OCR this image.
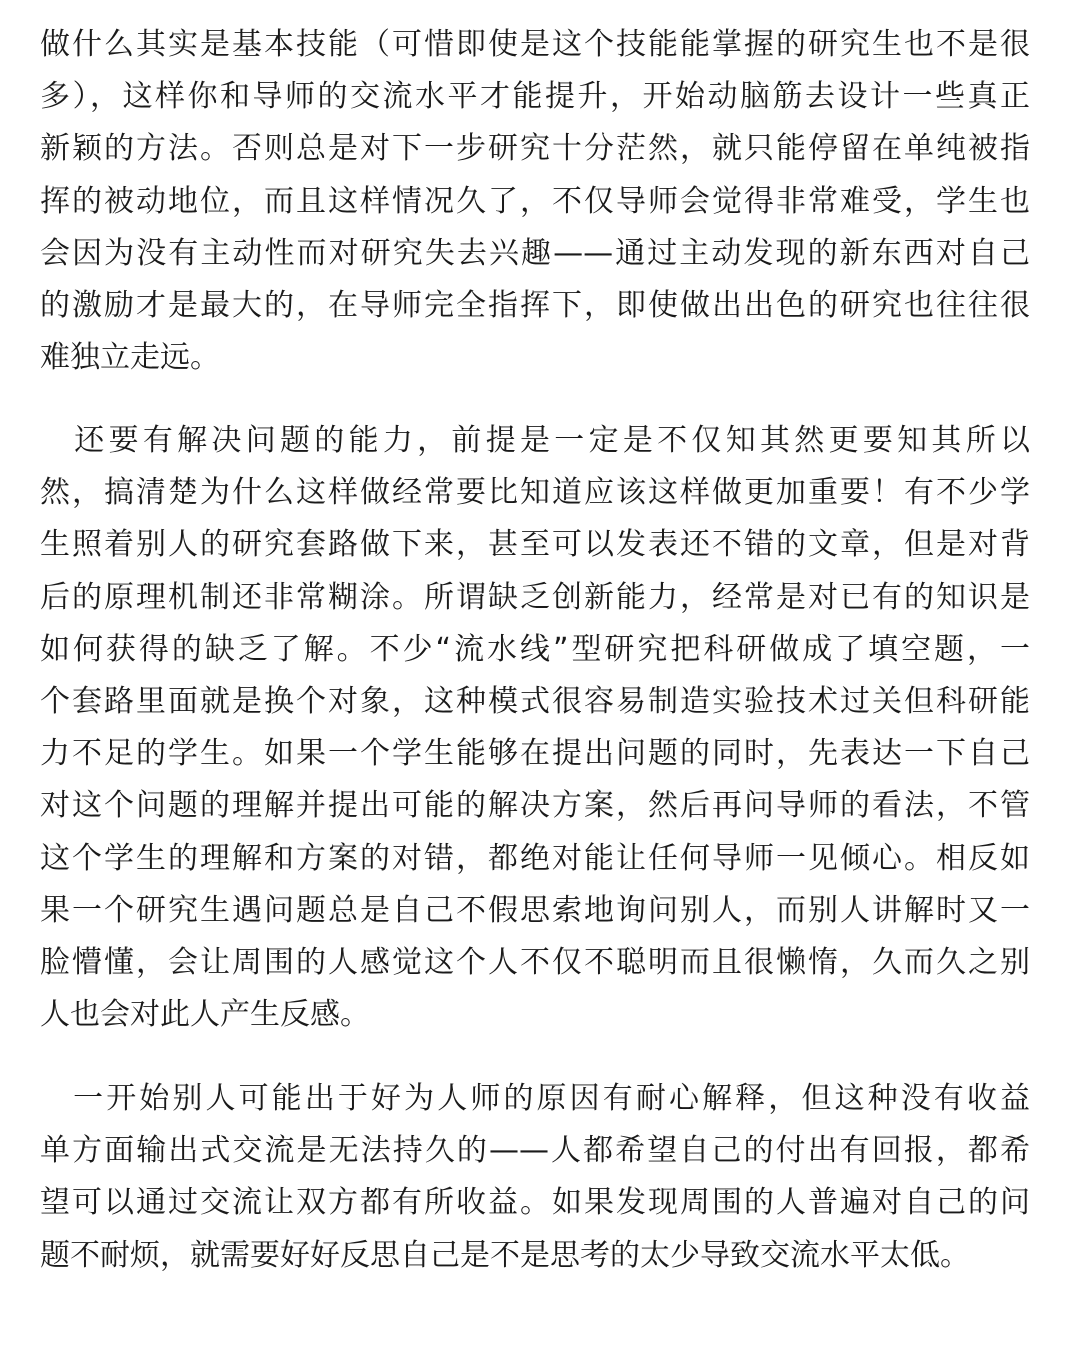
做什么其实是基本技能（可惜即使是这个技能能掌握的研究生也不是很
多），这样你和导师的交流水平才能提升，开始动脑筋去设计一些真正
新颖的方法。否则总是对下一步研究十分茫然，就只能停留在单纯被指
挥的被动地位，而且这样情况久了，不仅导师会觉得非常难受，学生也
会因为没有主动性而对研究失去兴趣——通过主动发现的新东西对自己
的激励才是最大的，在导师完全指挥下，即使做出出色的研究也往往很
难独立走远。
　还要有解决问题的能力，前提是一定是不仅知其然更要知其所以
然，搞清楚为什么这样做经常要比知道应该这样做更加重要！有不少学
生照着别人的研究套路做下来，甚至可以发表还不错的文章，但是对背
后的原理机制还非常糊涂。所谓缺乏创新能力，经常是对已有的知识是
如何获得的缺乏了解。不少“流水线”型研究把科研做成了填空题，一
个套路里面就是换个对象，这种模式很容易制造实验技术过关但科研能
力不足的学生。如果一个学生能够在提出问题的同时，先表达一下自己
对这个问题的理解并提出可能的解决方案，然后再问导师的看法，不管
这个学生的理解和方案的对错，都绝对能让任何导师一见倾心。相反如
果一个研究生遇问题总是自己不假思索地询问别人，而别人讲解时又一
脸懵懂，会让周围的人感觉这个人不仅不聪明而且很懒惰，久而久之别
人也会对此人产生反感。
　一开始别人可能出于好为人师的原因有耐心解释，但这种没有收益
单方面输出式交流是无法持久的——人都希望自己的付出有回报，都希
望可以通过交流让双方都有所收益。如果发现周围的人普遍对自己的问
题不耐烦，就需要好好反思自己是不是思考的太少导致交流水平太低。
